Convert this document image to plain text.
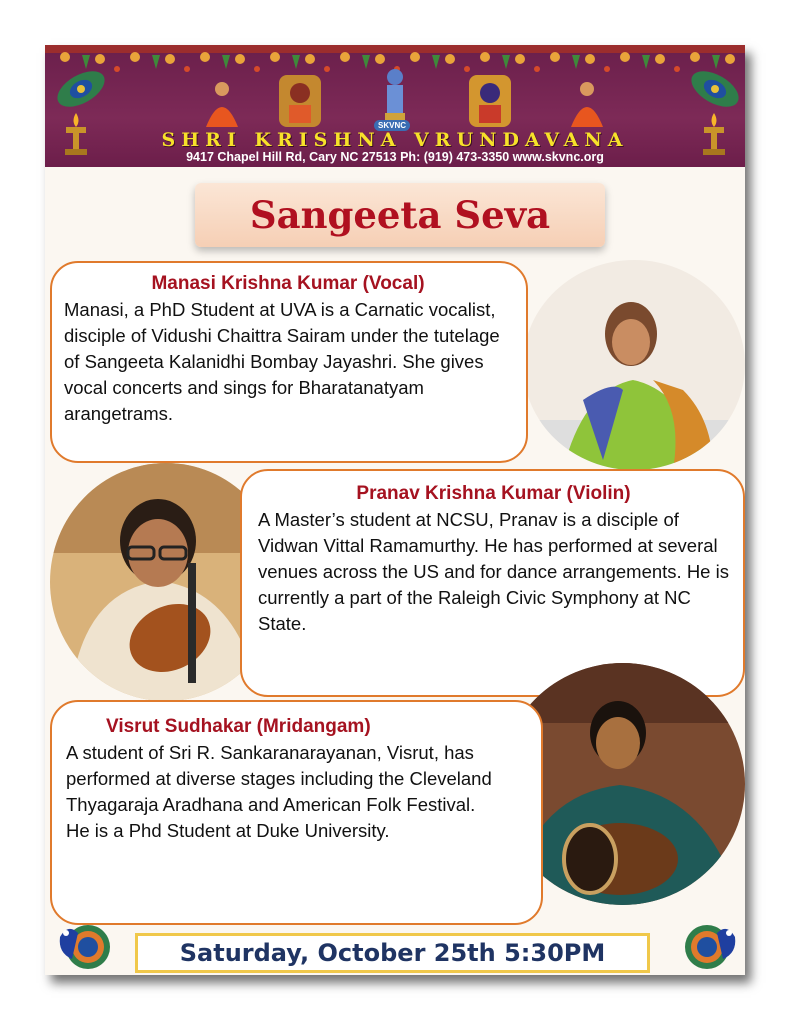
SKVNC
SHRI KRISHNA VRUNDAVANA
9417 Chapel Hill Rd, Cary NC 27513 Ph: (919) 473-3350 www.skvnc.org
Sangeeta Seva
Manasi Krishna Kumar (Vocal)

Manasi, a PhD Student at UVA is a Carnatic vocalist, disciple of Vidushi Chaittra Sairam under the tutelage of Sangeeta Kalanidhi Bombay Jayashri. She gives vocal concerts and sings for Bharatanatyam arangetrams.

Pranav Krishna Kumar (Violin)

A Master’s student at NCSU, Pranav is a disciple of Vidwan Vittal Ramamurthy. He has performed at several venues across the US and for dance arrangements. He is currently a part of the Raleigh Civic Symphony at NC State.

Visrut Sudhakar (Mridangam)

A student of Sri R. Sankaranarayanan, Visrut, has performed at diverse stages including the Cleveland Thyagaraja Aradhana and American Folk Festival. He is a Phd Student at Duke University.

Saturday, October 25th 5:30PM
